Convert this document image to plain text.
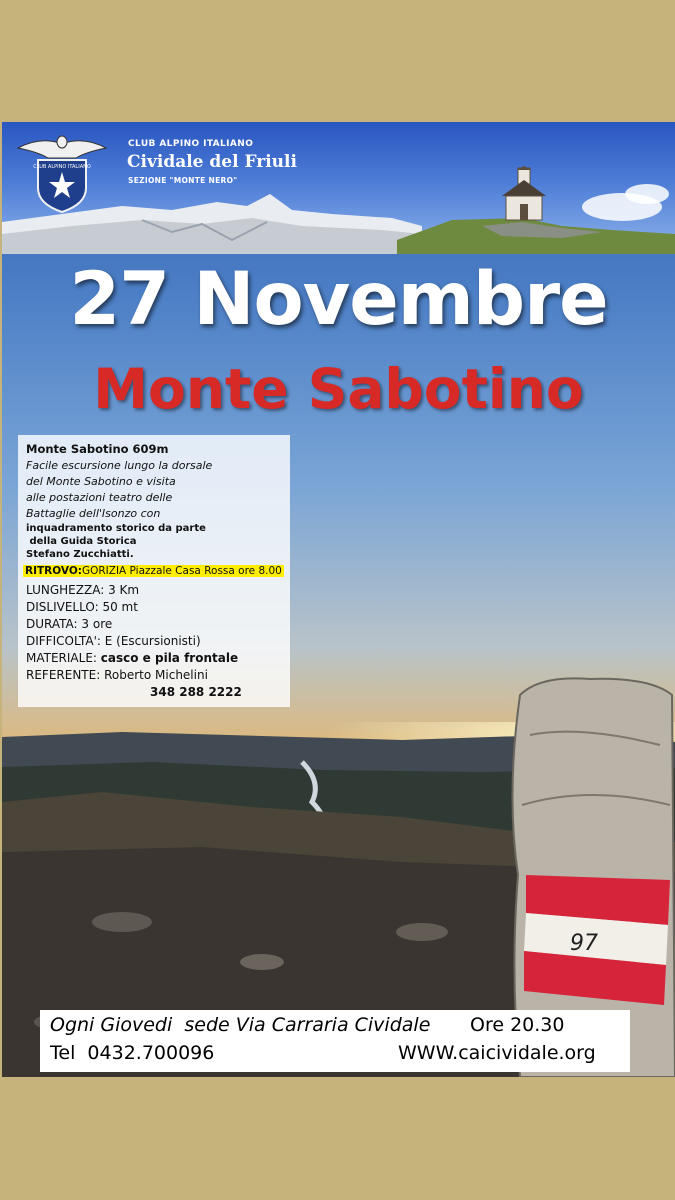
CLUB ALPINO ITALIANO
CLUB ALPINO ITALIANO
Cividale del Friuli
SEZIONE "MONTE NERO"
27 Novembre
Monte Sabotino
97
Monte Sabotino 609m
Facile escursione lungo la dorsale
del Monte Sabotino e visita
alle postazioni teatro delle
Battaglie dell'Isonzo con
inquadramento storico da parte
della Guida Storica
Stefano Zucchiatti.
RITROVO:GORIZIA Piazzale Casa Rossa ore 8.00
LUNGHEZZA: 3 Km
DISLIVELLO: 50 mt
DURATA: 3 ore
DIFFICOLTA': E (Escursionisti)
MATERIALE: casco e pila frontale
REFERENTE: Roberto Michelini
348 288 2222
Ogni Giovedi  sede Via Carraria Cividale Ore 20.30
Tel  0432.700096	WWW.caicividale.org
